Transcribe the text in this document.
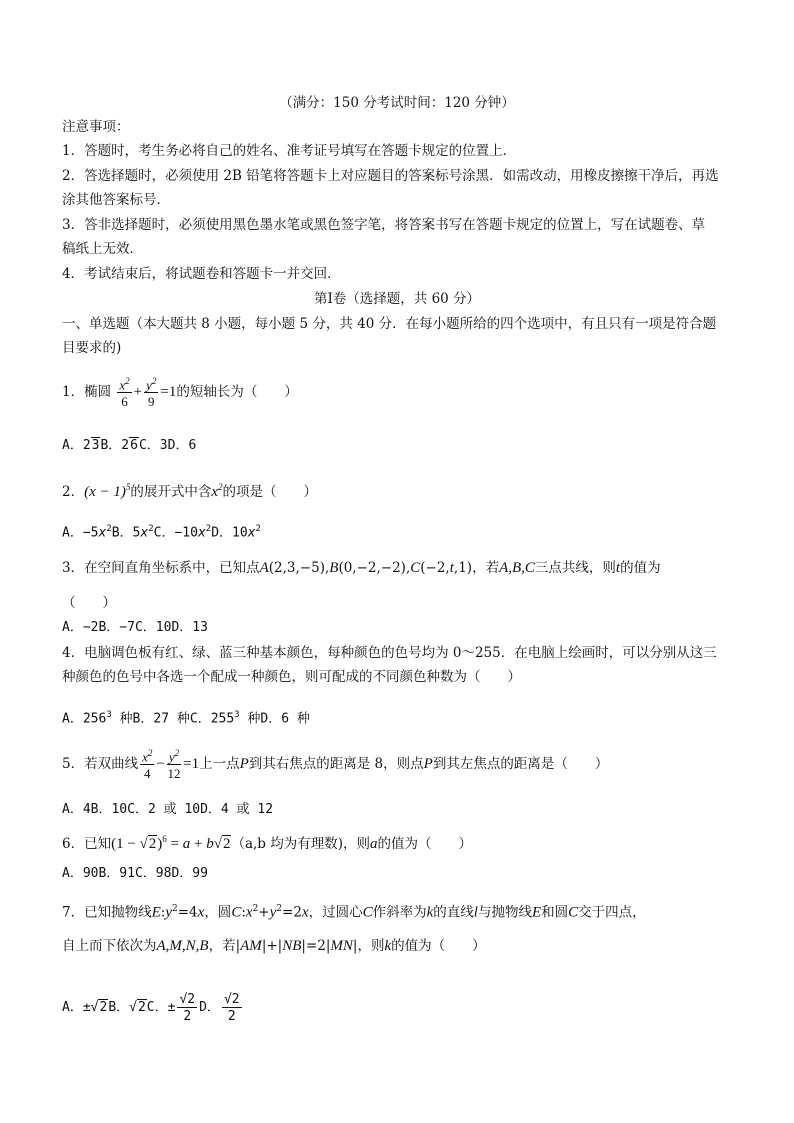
（满分：150 分考试时间：120 分钟）
注意事项：
1．答题时，考生务必将自己的姓名、准考证号填写在答题卡规定的位置上．
2．答选择题时，必须使用 2B 铅笔将答题卡上对应题目的答案标号涂黑．如需改动，用橡皮擦擦干净后，再选
涂其他答案标号．
3．答非选择题时，必须使用黑色墨水笔或黑色签字笔，将答案书写在答题卡规定的位置上，写在试题卷、草
稿纸上无效．
4．考试结束后，将试题卷和答题卡一并交回．
第Ⅰ卷（选择题，共 60 分）
一、单选题（本大题共 8 小题，每小题 5 分，共 40 分．在每小题所给的四个选项中，有且只有一项是符合题
目要求的)
1．椭圆 $\frac{x^2}{6} + \frac{y^2}{9} =1$的短轴长为（　　）
A．23B．26C．3D．6
2．$(x - 1)^5$的展开式中含$x^2$的项是（　　）
A．$-5x^2B$．$5x^2C$．$-10x^2D$．$10x^2$
3．在空间直角坐标系中，已知点A(2,3,−5),B(0,−2,−2),C(−2,t,1)，若A,B,C三点共线，则t的值为
（　　）
A．−2B．−7C．10D．13
4．电脑调色板有红、绿、蓝三种基本颜色，每种颜色的色号均为 0～255．在电脑上绘画时，可以分别从这三
种颜色的色号中各选一个配成一种颜色，则可配成的不同颜色种数为（　　）
A．$256^3$ 种B．27 种C．$255^3$ 种D．6 种
5．若双曲线 $\frac{x^2}{4} - \frac{y^2}{12} =1$上一点P到其右焦点的距离是 8，则点P到其左焦点的距离是（　　）
A．4B．10C．2 或 10D．4 或 12
6．已知$(1 - √2)^6 = a + b√2(a,b$ 均为有理数)，则a的值为（　　）
A．90B．91C．98D．99
7．已知抛物线$E:y^2=4x$，圆$C:x^2+y^2=2x$，过圆心C作斜率为k的直线l与抛物线E和圆C交于四点，
自上而下依次为A,M,N,B，若|AM|+|NB|=2|MN|，则k的值为（　　）
A．±√2B．√2C．± $\frac{√2}{2}$ D． $\frac{√2}{2}$
